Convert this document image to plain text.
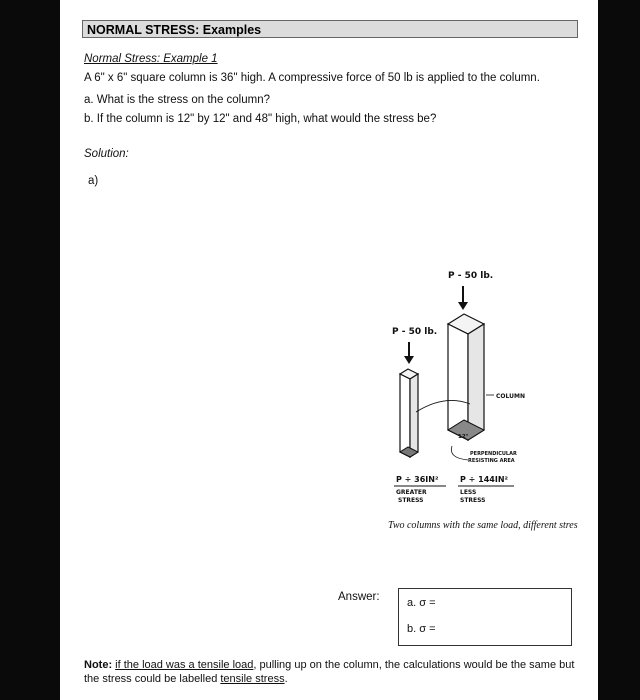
NORMAL STRESS: Examples
Normal Stress: Example 1
A 6" x 6" square column is 36" high. A compressive force of 50 lb is applied to the column.
a. What is the stress on the column?
b. If the column is 12" by 12" and 48" high, what would the stress be?
Solution:
a)
P - 50 lb.
P - 50 lb.
COLUMN
12"
PERPENDICULAR
RESISTING AREA
P ÷ 36IN²	P ÷ 144IN²
GREATER
STRESS
LESS
STRESS
Two columns with the same load, different stres
Answer: a. σ =
b. σ =
Note: if the load was a tensile load, pulling up on the column, the calculations would be the same but the stress could be labelled tensile stress.
